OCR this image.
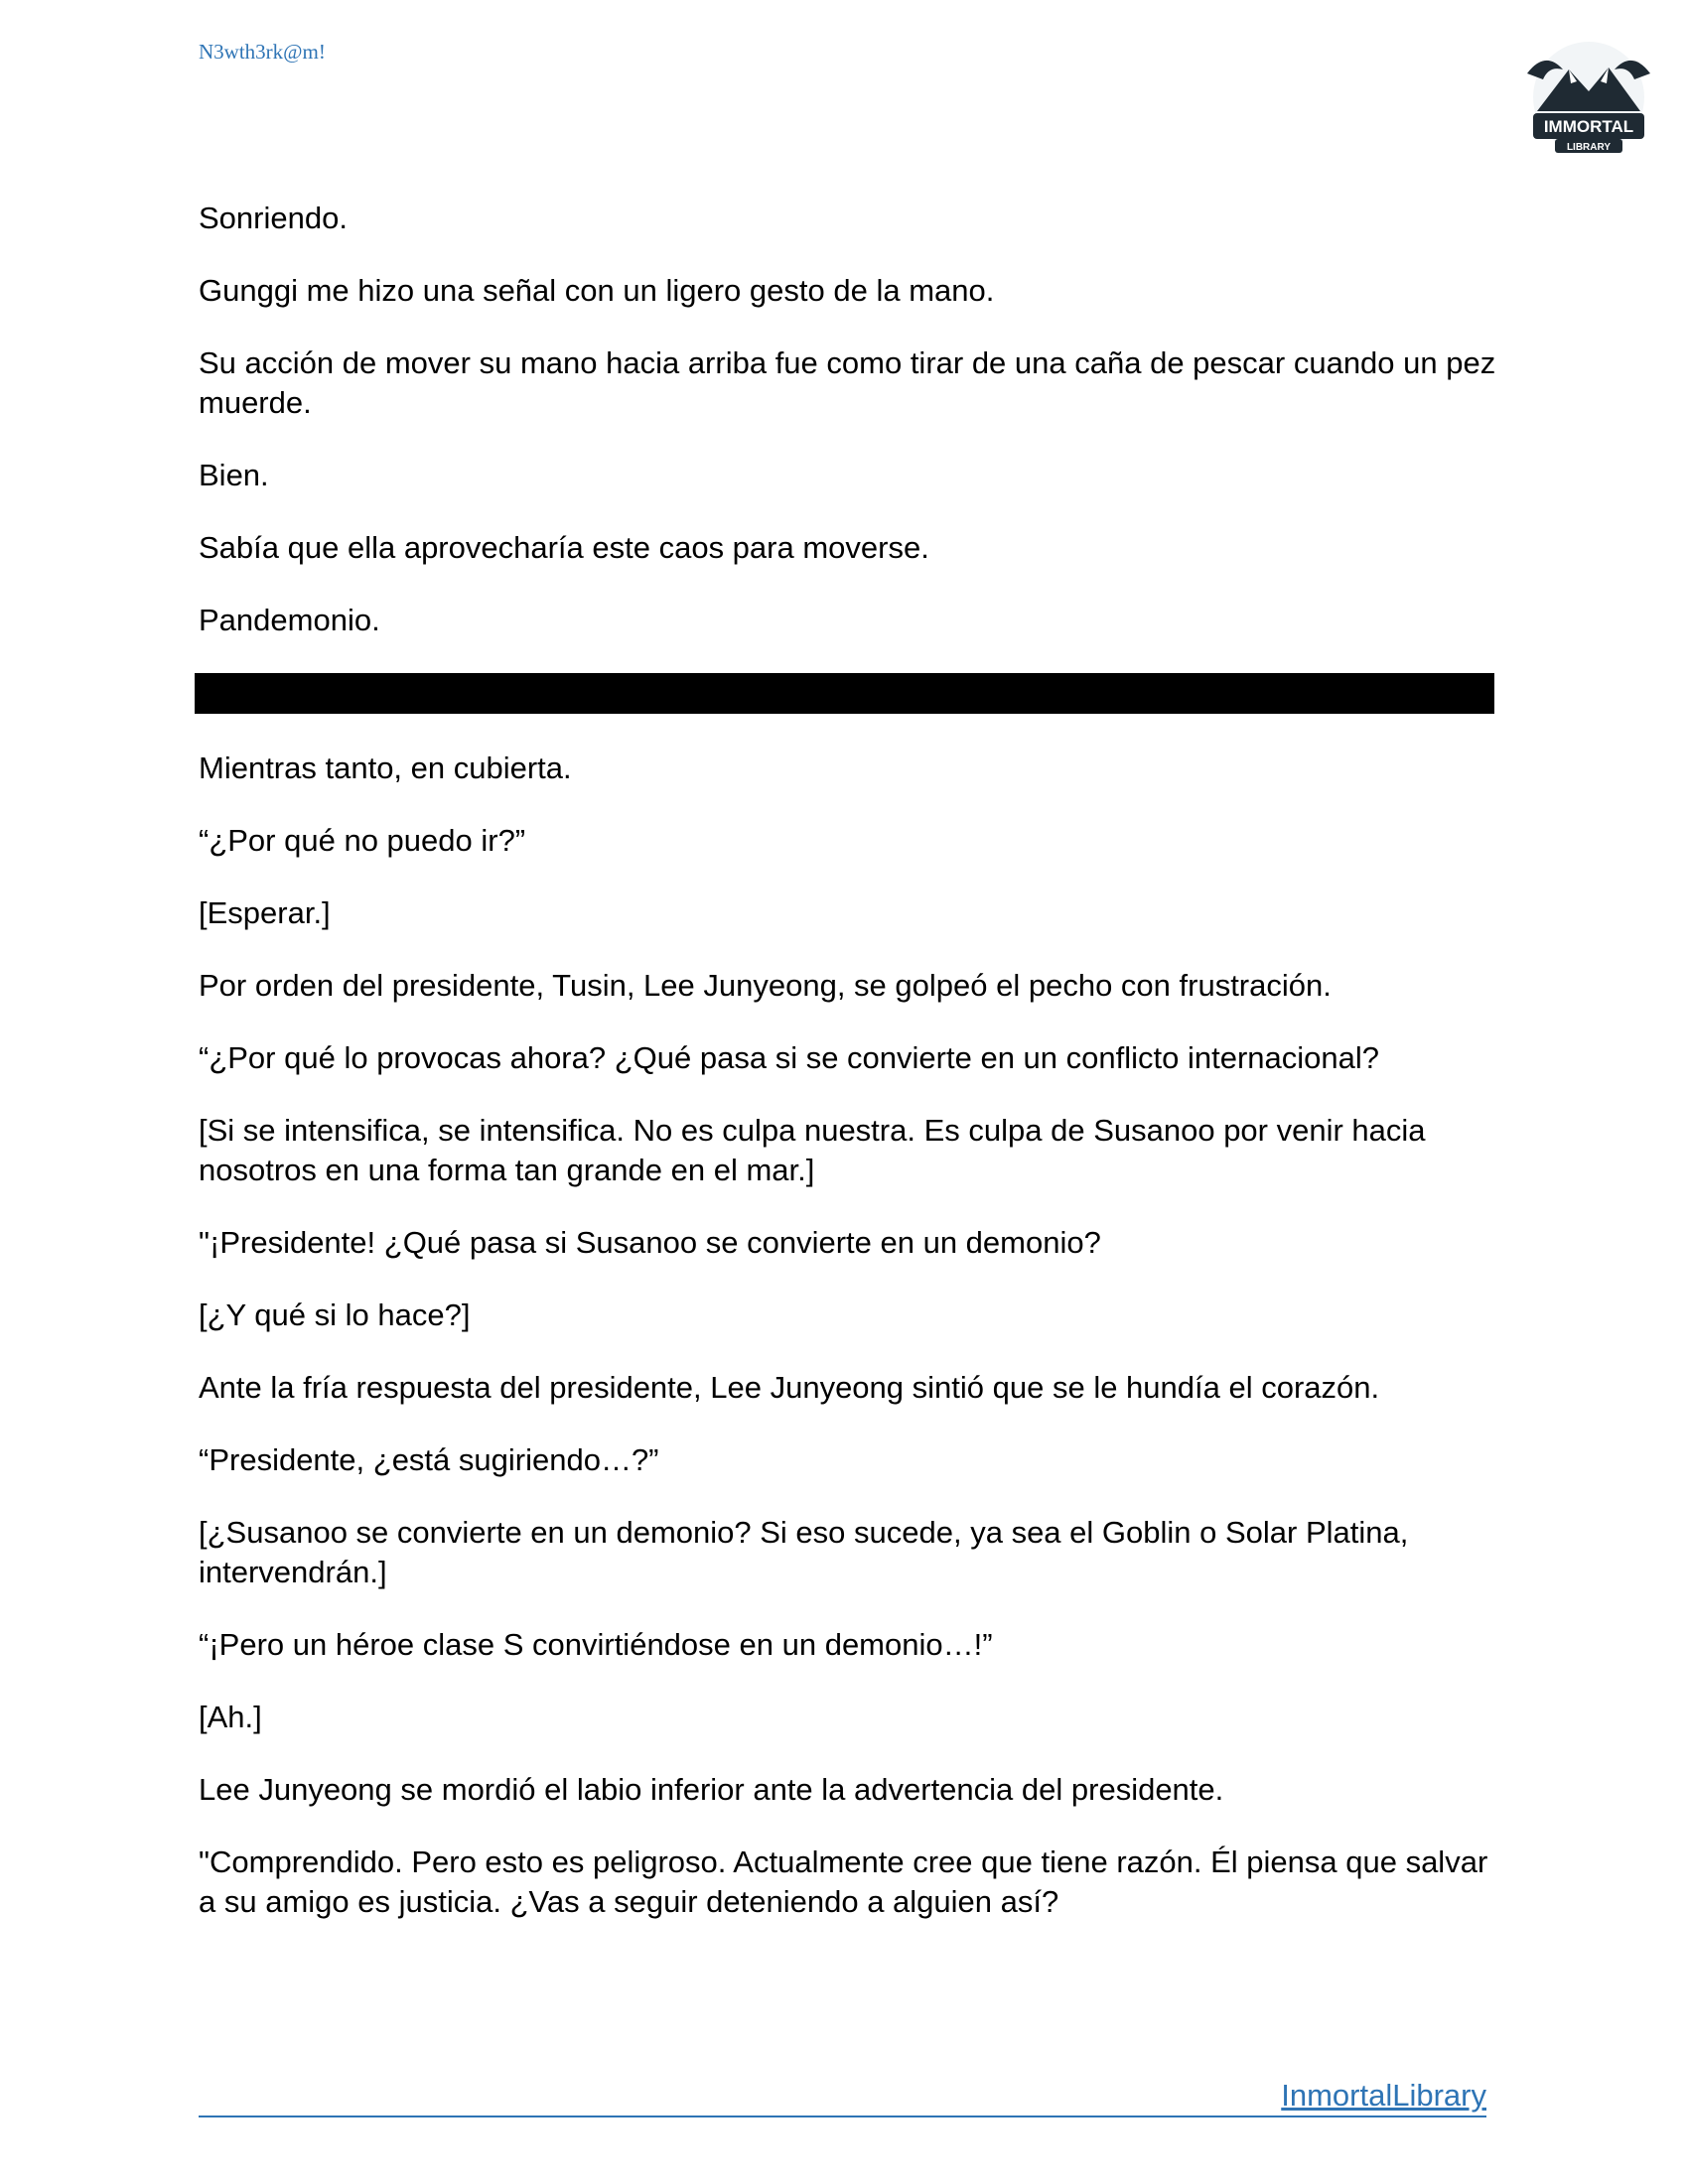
N3wth3rk@m!

IMMORTAL
LIBRARY

Sonriendo.

Gunggi me hizo una señal con un ligero gesto de la mano.

Su acción de mover su mano hacia arriba fue como tirar de una caña de pescar cuando un pez muerde.

Bien.

Sabía que ella aprovecharía este caos para moverse.

Pandemonio.

Mientras tanto, en cubierta.

“¿Por qué no puedo ir?”

[Esperar.]

Por orden del presidente, Tusin, Lee Junyeong, se golpeó el pecho con frustración.

“¿Por qué lo provocas ahora? ¿Qué pasa si se convierte en un conflicto internacional?

[Si se intensifica, se intensifica. No es culpa nuestra. Es culpa de Susanoo por venir hacia nosotros en una forma tan grande en el mar.]

"¡Presidente! ¿Qué pasa si Susanoo se convierte en un demonio?

[¿Y qué si lo hace?]

Ante la fría respuesta del presidente, Lee Junyeong sintió que se le hundía el corazón.

“Presidente, ¿está sugiriendo…?”

[¿Susanoo se convierte en un demonio? Si eso sucede, ya sea el Goblin o Solar Platina, intervendrán.]

“¡Pero un héroe clase S convirtiéndose en un demonio…!”

[Ah.]

Lee Junyeong se mordió el labio inferior ante la advertencia del presidente.

"Comprendido. Pero esto es peligroso. Actualmente cree que tiene razón. Él piensa que salvar a su amigo es justicia. ¿Vas a seguir deteniendo a alguien así?

InmortalLibrary
